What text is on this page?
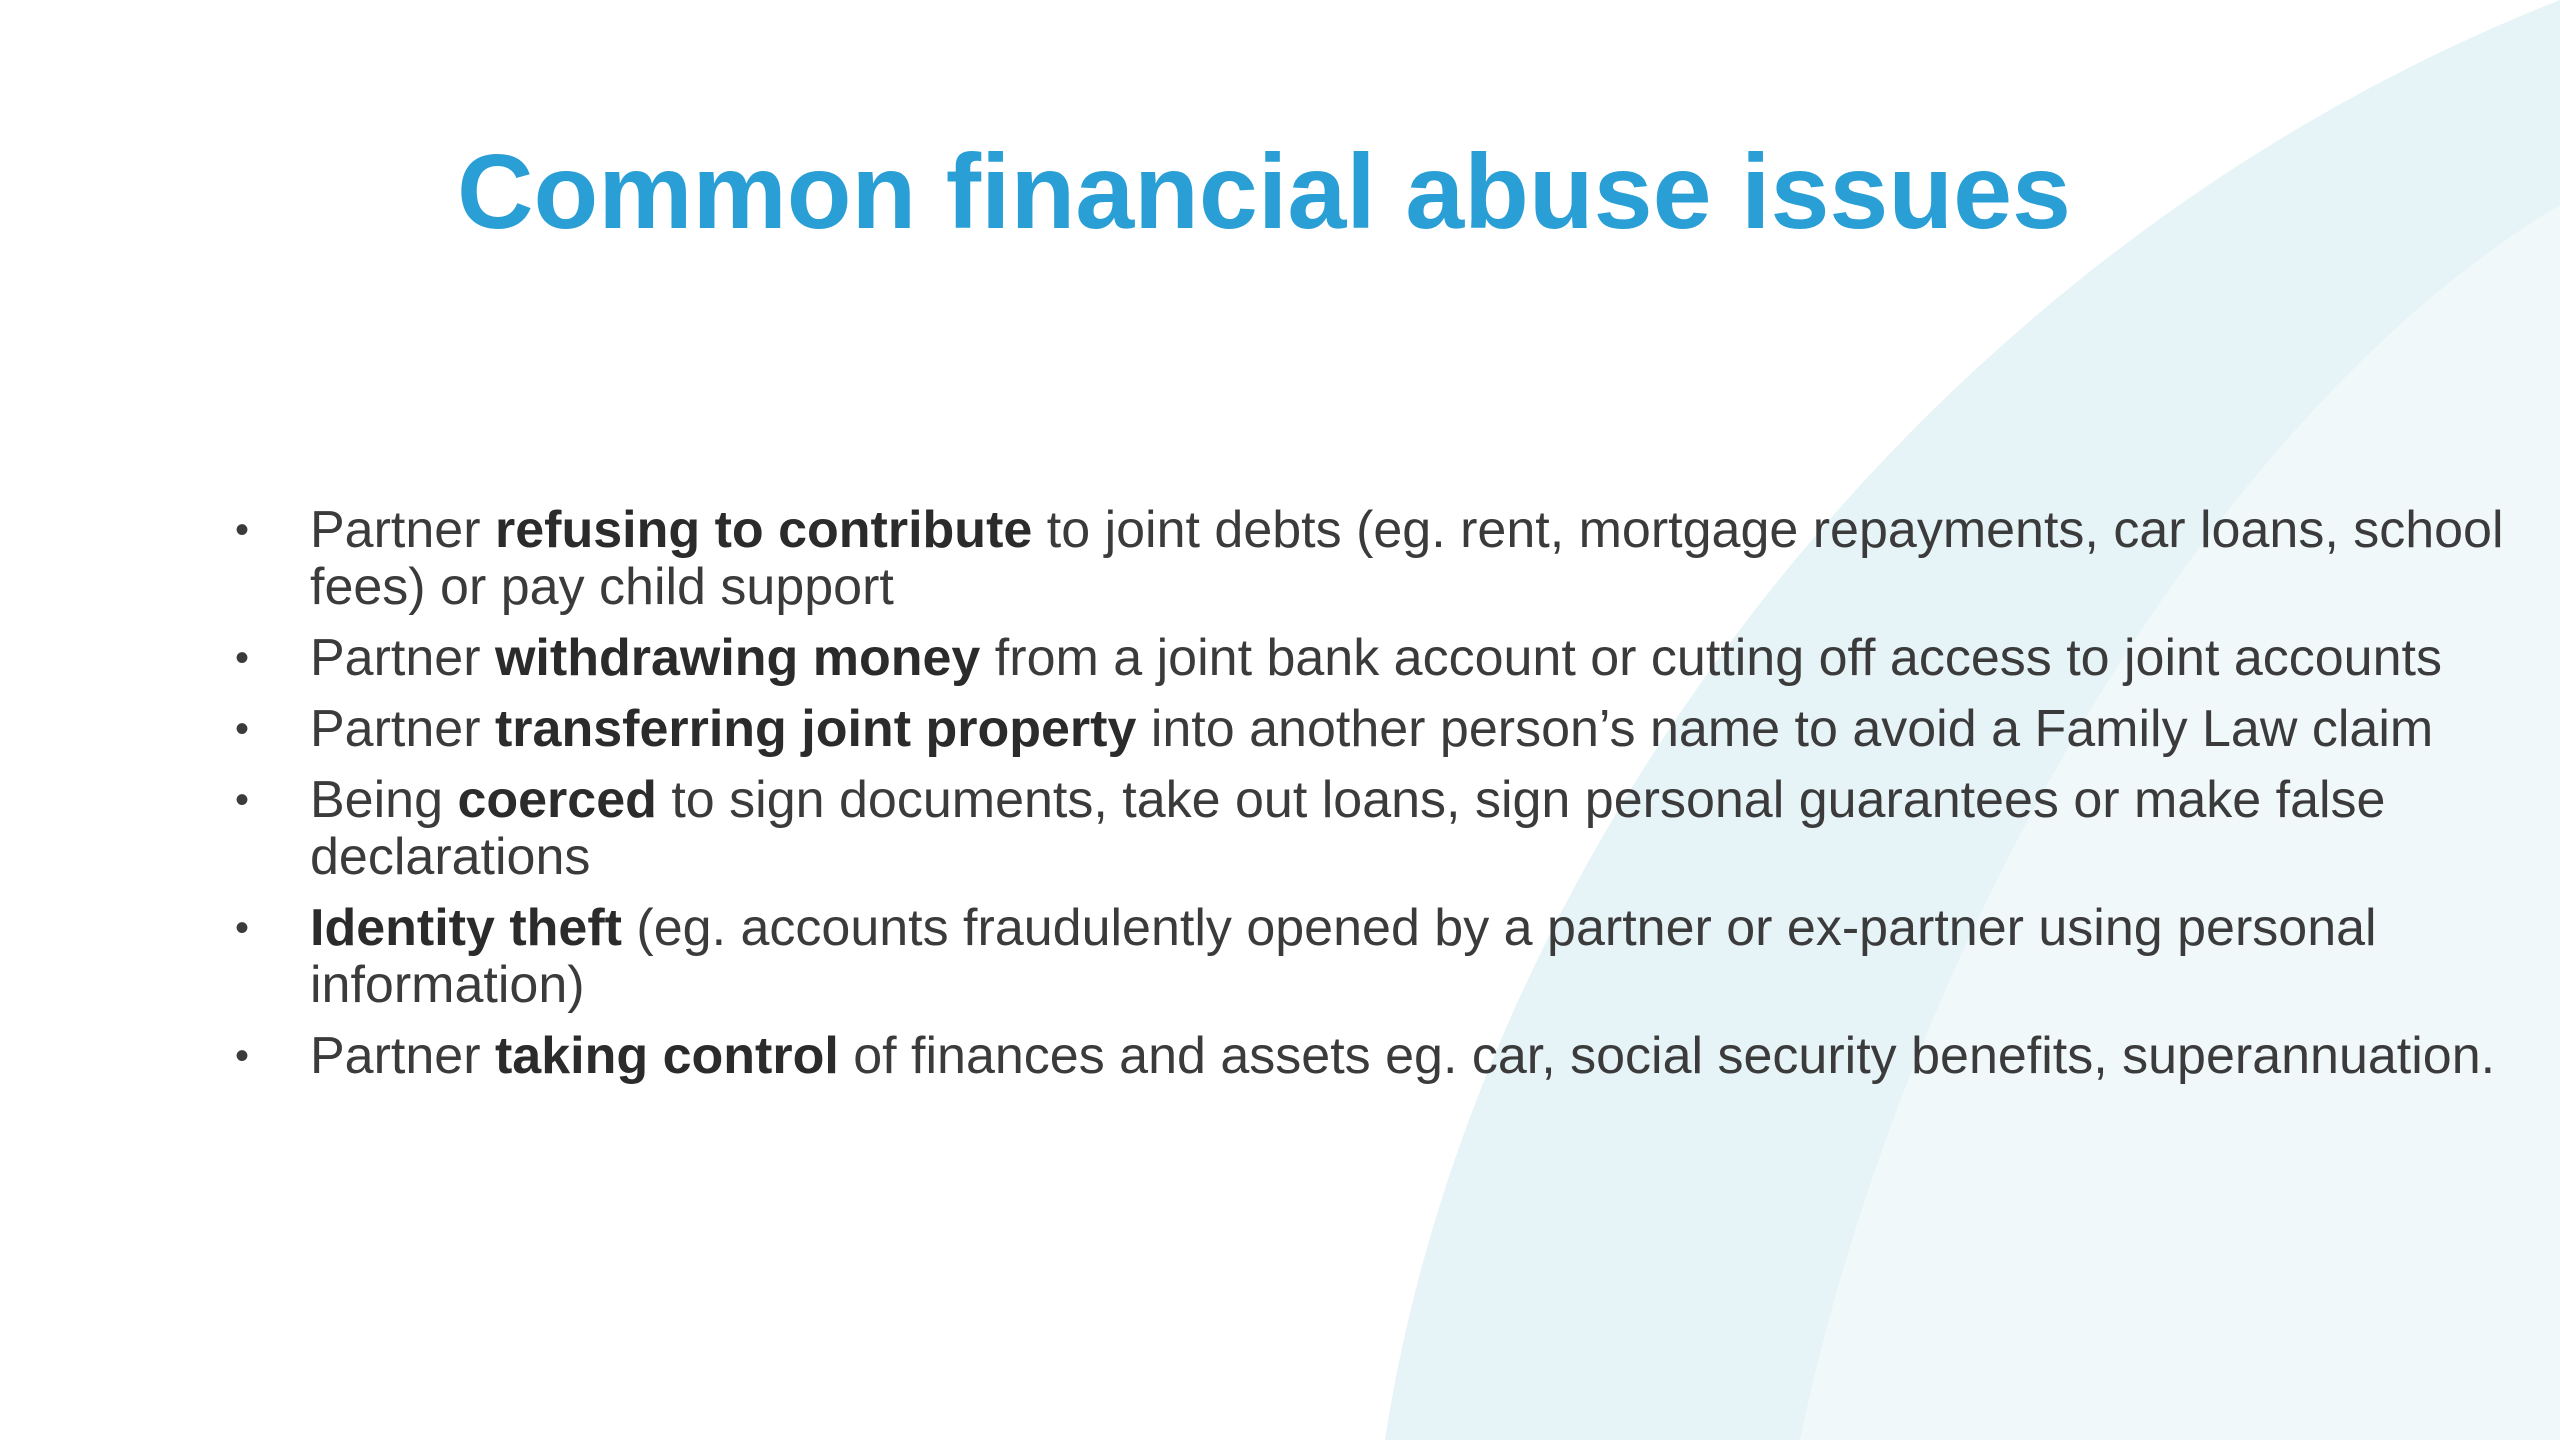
Common financial abuse issues
•	Partner refusing to contribute to joint debts (eg. rent, mortgage repayments, car loans, school fees) or pay child support
•	Partner withdrawing money from a joint bank account or cutting off access to joint accounts
•	Partner transferring joint property into another person’s name to avoid a Family Law claim
•	Being coerced to sign documents, take out loans, sign personal guarantees or make false declarations
•	Identity theft (eg. accounts fraudulently opened by a partner or ex-partner using personal information)
•	Partner taking control of finances and assets eg. car, social security benefits, superannuation.
